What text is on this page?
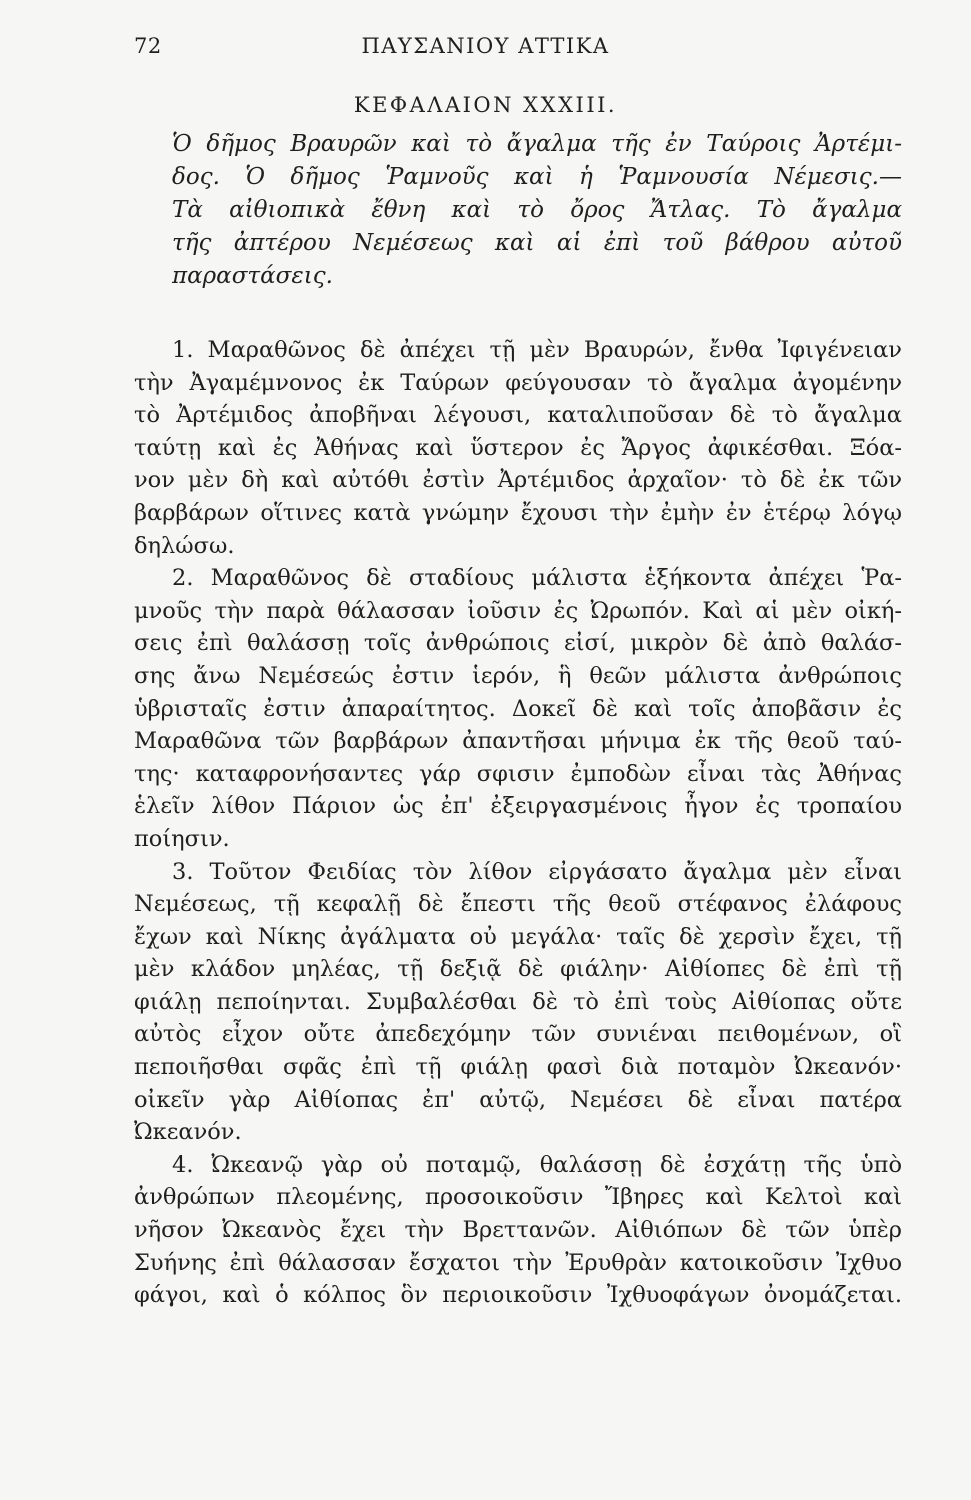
72	ΠΑΥΣΑΝΙΟΥ ΑΤΤΙΚΑ
ΚΕΦΑΛΑΙΟΝ XXXIII.
Ὁ δῆμος Βραυρῶν καὶ τὸ ἄγαλμα τῆς ἐν Ταύροις Ἀρτέμι-
δος. Ὁ δῆμος Ῥαμνοῦς καὶ ἡ Ῥαμνουσία Νέμεσις.—
Τὰ αἰθιοπικὰ ἔθνη καὶ τὸ ὄρος Ἄτλας. Τὸ ἄγαλμα
τῆς ἀπτέρου Νεμέσεως καὶ αἱ ἐπὶ τοῦ βάθρου αὐτοῦ
παραστάσεις.
1. Μαραθῶνος δὲ ἀπέχει τῇ μὲν Βραυρών, ἔνθα Ἰφιγένειαν
τὴν Ἀγαμέμνονος ἐκ Ταύρων φεύγουσαν τὸ ἄγαλμα ἀγομένην
τὸ Ἀρτέμιδος ἀποβῆναι λέγουσι, καταλιποῦσαν δὲ τὸ ἄγαλμα
ταύτῃ καὶ ἐς Ἀθήνας καὶ ὕστερον ἐς Ἄργος ἀφικέσθαι. Ξόα-
νον μὲν δὴ καὶ αὐτόθι ἐστὶν Ἀρτέμιδος ἀρχαῖον· τὸ δὲ ἐκ τῶν
βαρβάρων οἵτινες κατὰ γνώμην ἔχουσι τὴν ἐμὴν ἐν ἑτέρῳ λόγῳ
δηλώσω.
2. Μαραθῶνος δὲ σταδίους μάλιστα ἑξήκοντα ἀπέχει Ῥα-
μνοῦς τὴν παρὰ θάλασσαν ἰοῦσιν ἐς Ὠρωπόν. Καὶ αἱ μὲν οἰκή-
σεις ἐπὶ θαλάσσῃ τοῖς ἀνθρώποις εἰσί, μικρὸν δὲ ἀπὸ θαλάσ-
σης ἄνω Νεμέσεώς ἐστιν ἱερόν, ἣ θεῶν μάλιστα ἀνθρώποις
ὑβρισταῖς ἐστιν ἀπαραίτητος. Δοκεῖ δὲ καὶ τοῖς ἀποβᾶσιν ἐς
Μαραθῶνα τῶν βαρβάρων ἀπαντῆσαι μήνιμα ἐκ τῆς θεοῦ ταύ-
της· καταφρονήσαντες γάρ σφισιν ἐμποδὼν εἶναι τὰς Ἀθήνας
ἑλεῖν λίθον Πάριον ὡς ἐπ' ἐξειργασμένοις ἦγον ἐς τροπαίου
ποίησιν.
3. Τοῦτον Φειδίας τὸν λίθον εἰργάσατο ἄγαλμα μὲν εἶναι
Νεμέσεως, τῇ κεφαλῇ δὲ ἔπεστι τῆς θεοῦ στέφανος ἐλάφους
ἔχων καὶ Νίκης ἀγάλματα οὐ μεγάλα· ταῖς δὲ χερσὶν ἔχει, τῇ
μὲν κλάδον μηλέας, τῇ δεξιᾷ δὲ φιάλην· Αἰθίοπες δὲ ἐπὶ τῇ
φιάλῃ πεποίηνται. Συμβαλέσθαι δὲ τὸ ἐπὶ τοὺς Αἰθίοπας οὔτε
αὐτὸς εἶχον οὔτε ἀπεδεχόμην τῶν συνιέναι πειθομένων, οἳ
πεποιῆσθαι σφᾶς ἐπὶ τῇ φιάλῃ φασὶ διὰ ποταμὸν Ὠκεανόν·
οἰκεῖν γὰρ Αἰθίοπας ἐπ' αὐτῷ, Νεμέσει δὲ εἶναι πατέρα
Ὠκεανόν.
4. Ὠκεανῷ γὰρ οὐ ποταμῷ, θαλάσσῃ δὲ ἐσχάτῃ τῆς ὑπὸ
ἀνθρώπων πλεομένης, προσοικοῦσιν Ἴβηρες καὶ Κελτοὶ καὶ
νῆσον Ὠκεανὸς ἔχει τὴν Βρεττανῶν. Αἰθιόπων δὲ τῶν ὑπὲρ
Συήνης ἐπὶ θάλασσαν ἔσχατοι τὴν Ἐρυθρὰν κατοικοῦσιν Ἰχθυο
φάγοι, καὶ ὁ κόλπος ὃν περιοικοῦσιν Ἰχθυοφάγων ὀνομάζεται.
